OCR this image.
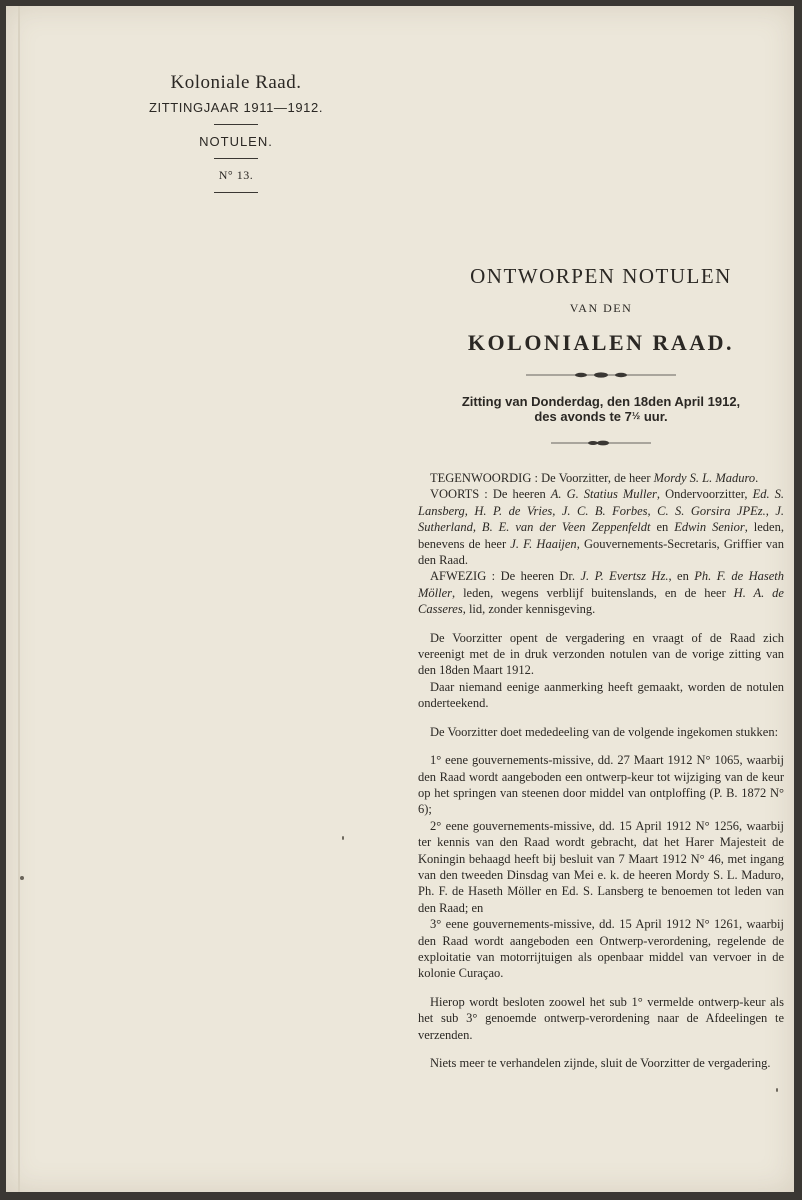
Koloniale Raad.
ZITTINGJAAR 1911—1912.
NOTULEN.
N° 13.
ONTWORPEN NOTULEN
VAN DEN
KOLONIALEN RAAD.
Zitting van Donderdag, den 18den April 1912,
des avonds te 7½ uur.

TEGENWOORDIG : De Voorzitter, de heer Mordy S. L. Maduro.

VOORTS : De heeren A. G. Statius Muller, Ondervoorzitter, Ed. S. Lansberg, H. P. de Vries, J. C. B. Forbes, C. S. Gorsira JPEz., J. Sutherland, B. E. van der Veen Zeppenfeldt en Edwin Senior, leden, benevens de heer J. F. Haaijen, Gouvernements-Secretaris, Griffier van den Raad.

AFWEZIG : De heeren Dr. J. P. Evertsz Hz., en Ph. F. de Haseth Möller, leden, wegens verblijf buitenslands, en de heer H. A. de Casseres, lid, zonder kennisgeving.

De Voorzitter opent de vergadering en vraagt of de Raad zich vereenigt met de in druk verzonden notulen van de vorige zitting van den 18den Maart 1912.

Daar niemand eenige aanmerking heeft gemaakt, worden de notulen onderteekend.

De Voorzitter doet mededeeling van de volgende ingekomen stukken:

1° eene gouvernements-missive, dd. 27 Maart 1912 N° 1065, waarbij den Raad wordt aangeboden een ontwerp-keur tot wijziging van de keur op het springen van steenen door middel van ontploffing (P. B. 1872 N° 6);

2° eene gouvernements-missive, dd. 15 April 1912 N° 1256, waarbij ter kennis van den Raad wordt gebracht, dat het Harer Majesteit de Koningin behaagd heeft bij besluit van 7 Maart 1912 N° 46, met ingang van den tweeden Dinsdag van Mei e. k. de heeren Mordy S. L. Maduro, Ph. F. de Haseth Möller en Ed. S. Lansberg te benoemen tot leden van den Raad; en

3° eene gouvernements-missive, dd. 15 April 1912 N° 1261, waarbij den Raad wordt aangeboden een Ontwerp-verordening, regelende de exploitatie van motorrijtuigen als openbaar middel van vervoer in de kolonie Curaçao.

Hierop wordt besloten zoowel het sub 1° vermelde ontwerp-keur als het sub 3° genoemde ontwerp-verordening naar de Afdeelingen te verzenden.

Niets meer te verhandelen zijnde, sluit de Voorzitter de vergadering.
